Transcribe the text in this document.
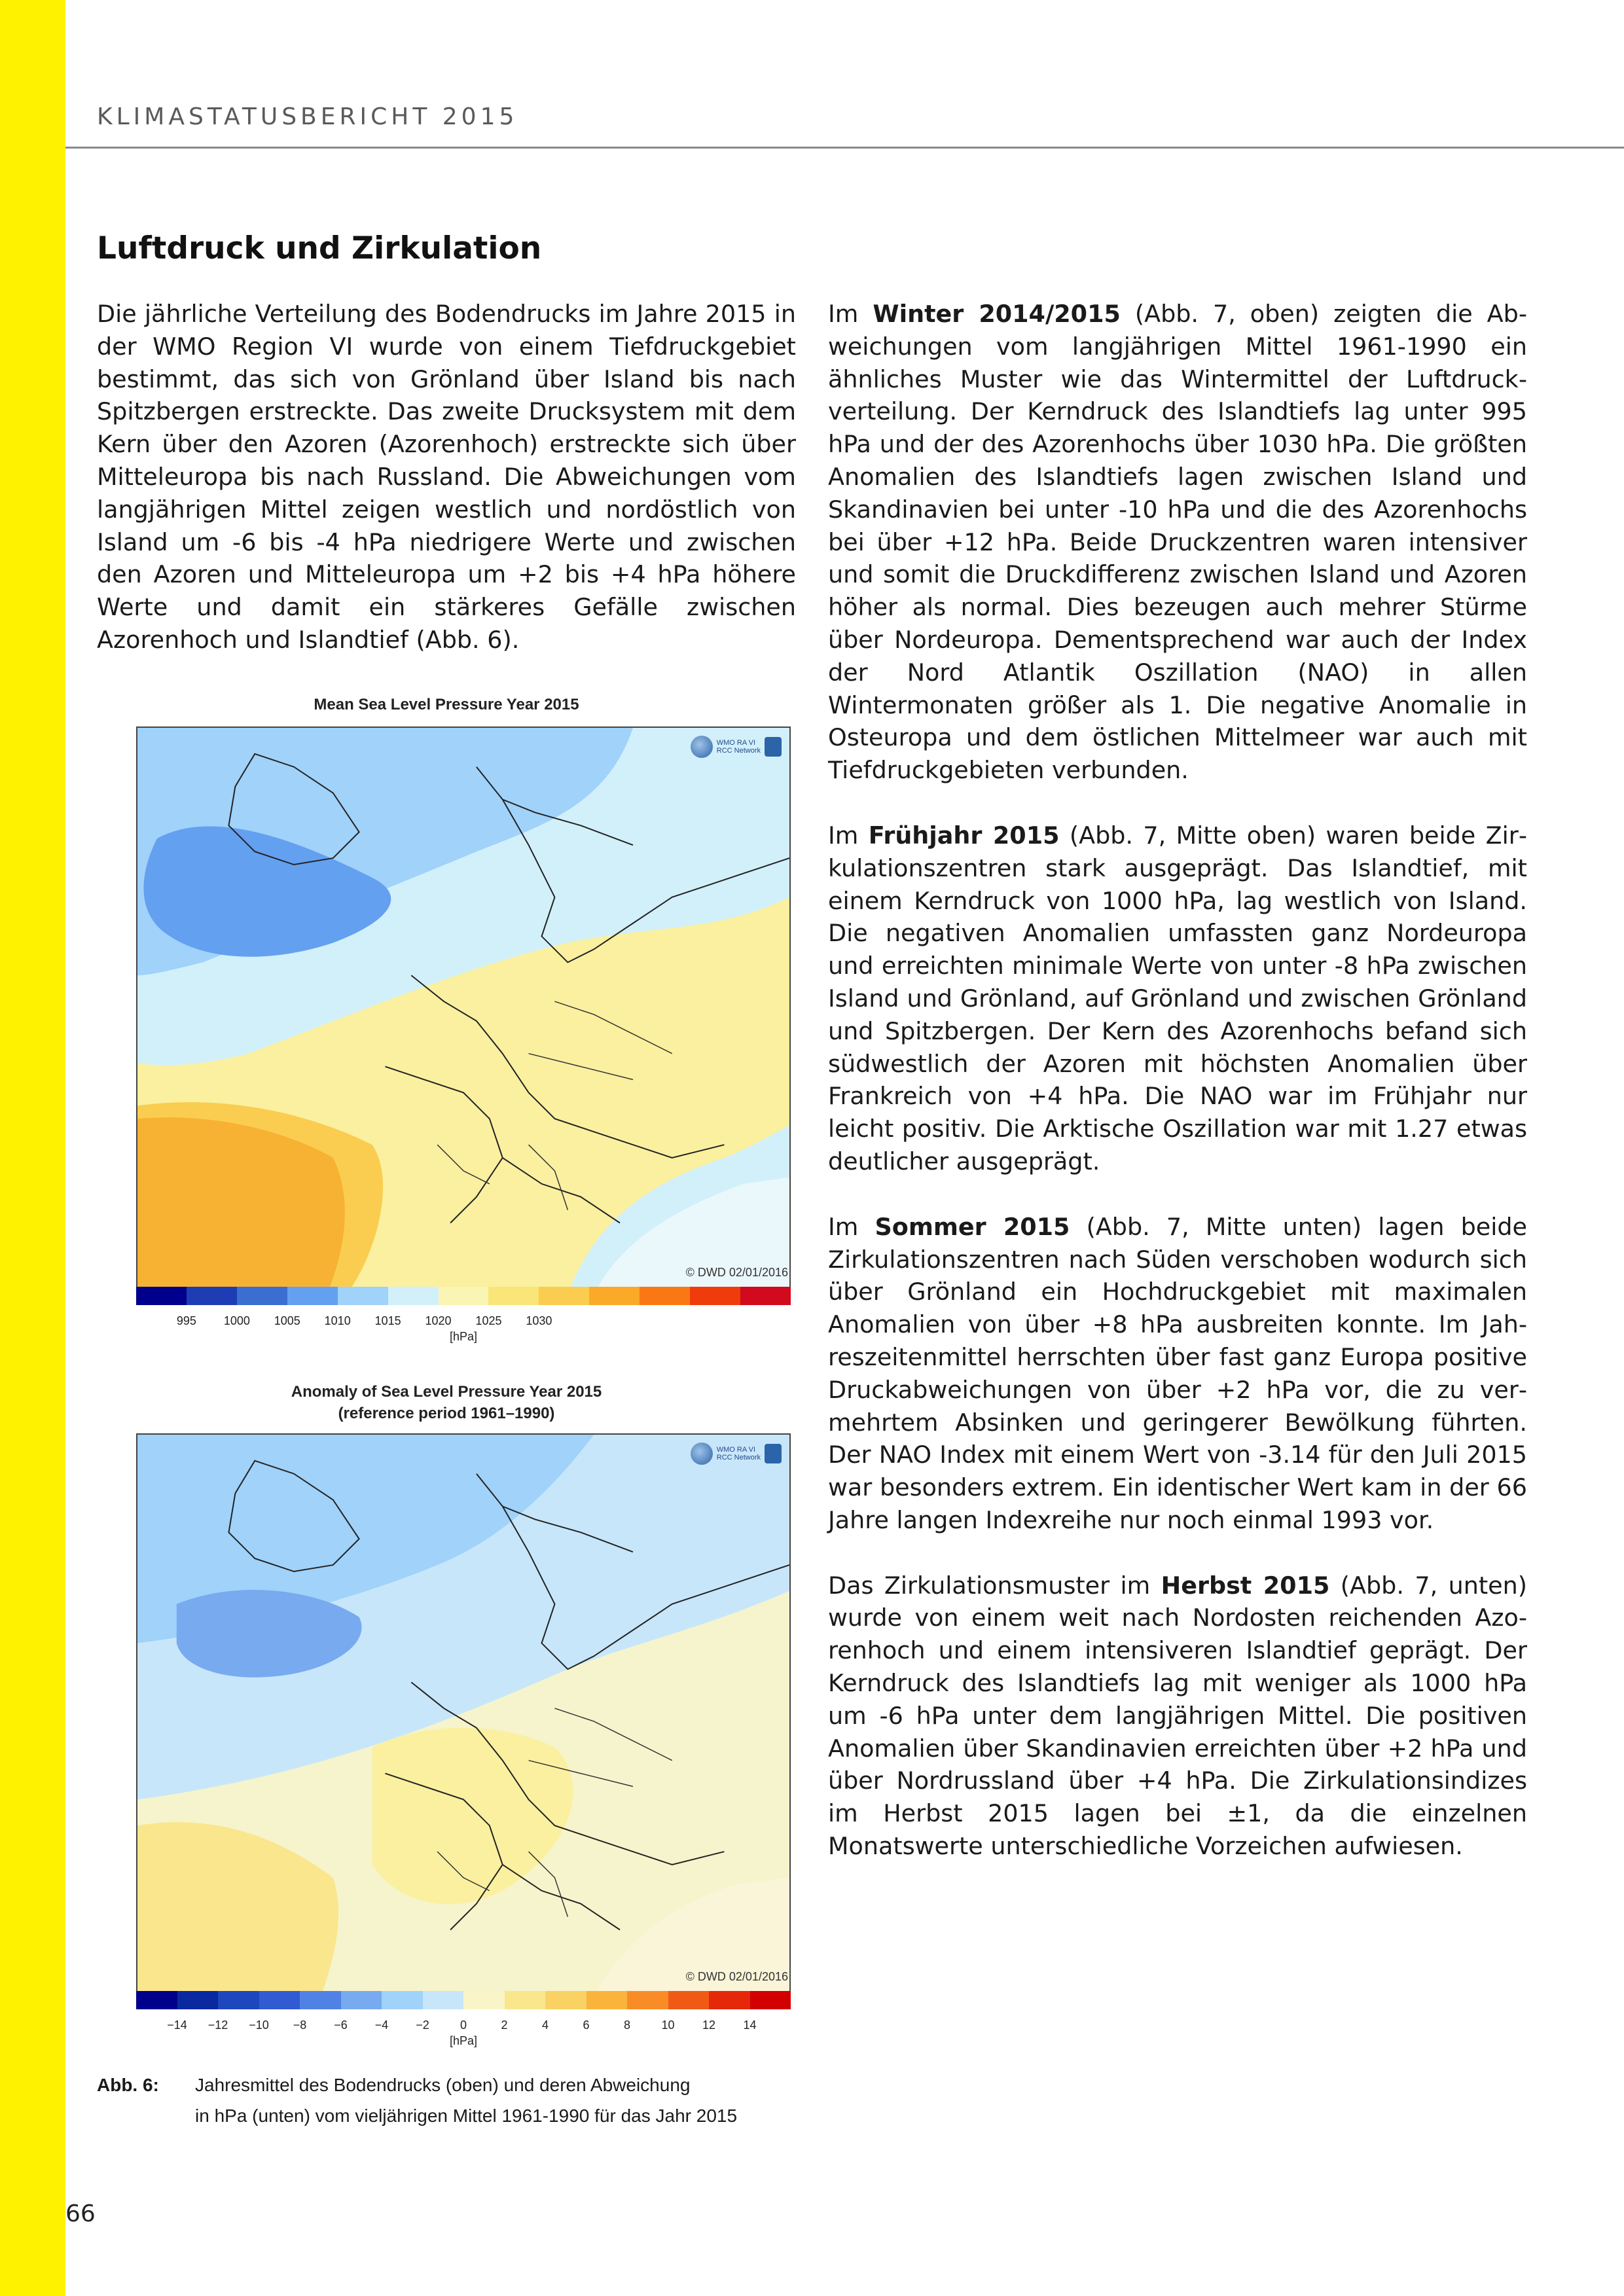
KLIMASTATUSBERICHT 2015
Luftdruck und Zirkulation

Die jährliche Verteilung des Bodendrucks im Jahre 2015 in der WMO Region VI wurde von einem Tiefdruckgebiet bestimmt, das sich von Grönland über Island bis nach Spitzbergen erstreckte. Das zweite Drucksystem mit dem Kern über den Azoren (Azorenhoch) erstreckte sich über Mitteleuropa bis nach Russland. Die Abweichungen vom langjährigen Mittel zeigen westlich und nordöstlich von Island um -6 bis -4 hPa niedrigere Werte und zwischen den Azoren und Mitteleuropa um +2 bis +4 hPa höhere Werte und damit ein stärkeres Gefälle zwischen Azorenhoch und Islandtief (Abb. 6).

Im Winter 2014/2015 (Abb. 7, oben) zeigten die Abweichungen vom langjährigen Mittel 1961-1990 ein ähnliches Muster wie das Wintermittel der Luftdruckverteilung. Der Kerndruck des Islandtiefs lag unter 995 hPa und der des Azorenhochs über 1030 hPa. Die größten Anomalien des Islandtiefs lagen zwischen Island und Skandinavien bei unter -10 hPa und die des Azorenhochs bei über +12 hPa. Beide Druckzentren waren intensiver und somit die Druckdifferenz zwischen Island und Azoren höher als normal. Dies bezeugen auch mehrer Stürme über Nordeuropa. Dementsprechend war auch der Index der Nord Atlantik Oszillation (NAO) in allen Wintermonaten größer als 1. Die negative Anomalie in Osteuropa und dem östlichen Mittelmeer war auch mit Tiefdruckgebieten verbunden.

Im Frühjahr 2015 (Abb. 7, Mitte oben) waren beide Zirkulationszentren stark ausgeprägt. Das Islandtief, mit einem Kerndruck von 1000 hPa, lag westlich von Island. Die negativen Anomalien umfassten ganz Nordeuropa und erreichten minimale Werte von unter -8 hPa zwischen Island und Grönland, auf Grönland und zwischen Grönland und Spitzbergen. Der Kern des Azorenhochs befand sich südwestlich der Azoren mit höchsten Anomalien über Frankreich von +4 hPa. Die NAO war im Frühjahr nur leicht positiv. Die Arktische Oszillation war mit 1.27 etwas deutlicher ausgeprägt.

Im Sommer 2015 (Abb. 7, Mitte unten) lagen beide Zirkulationszentren nach Süden verschoben wodurch sich über Grönland ein Hochdruckgebiet mit maximalen Anomalien von über +8 hPa ausbreiten konnte. Im Jahreszeitenmittel herrschten über fast ganz Europa positive Druckabweichungen von über +2 hPa vor, die zu vermehrtem Absinken und geringerer Bewölkung führten. Der NAO Index mit einem Wert von -3.14 für den Juli 2015 war besonders extrem. Ein identischer Wert kam in der 66 Jahre langen Indexreihe nur noch einmal 1993 vor.

Das Zirkulationsmuster im Herbst 2015 (Abb. 7, unten) wurde von einem weit nach Nordosten reichenden Azorenhoch und einem intensiveren Islandtief geprägt. Der Kerndruck des Islandtiefs lag mit weniger als 1000 hPa um -6 hPa unter dem langjährigen Mittel. Die positiven Anomalien über Skandinavien erreichten über +2 hPa und über Nordrussland über +4 hPa. Die Zirkulationsindizes im Herbst 2015 lagen bei ±1, da die einzelnen Monatswerte unterschiedliche Vorzeichen aufwiesen.

Mean Sea Level Pressure Year 2015
WMO RA VI
RCC Network
© DWD 02/01/2016
995 1000 1005 1010 1015 1020 1025 1030
[hPa]
Anomaly of Sea Level Pressure Year 2015
(reference period 1961–1990)
WMO RA VI
RCC Network
© DWD 02/01/2016
−14 −12 −10 −8 −6 −4 −2	0	2	4	6	8	10 12 14
[hPa]
Abb. 6: Jahresmittel des Bodendrucks (oben) und deren Abweichung
in hPa (unten) vom vieljährigen Mittel 1961-1990 für das Jahr 2015
66
